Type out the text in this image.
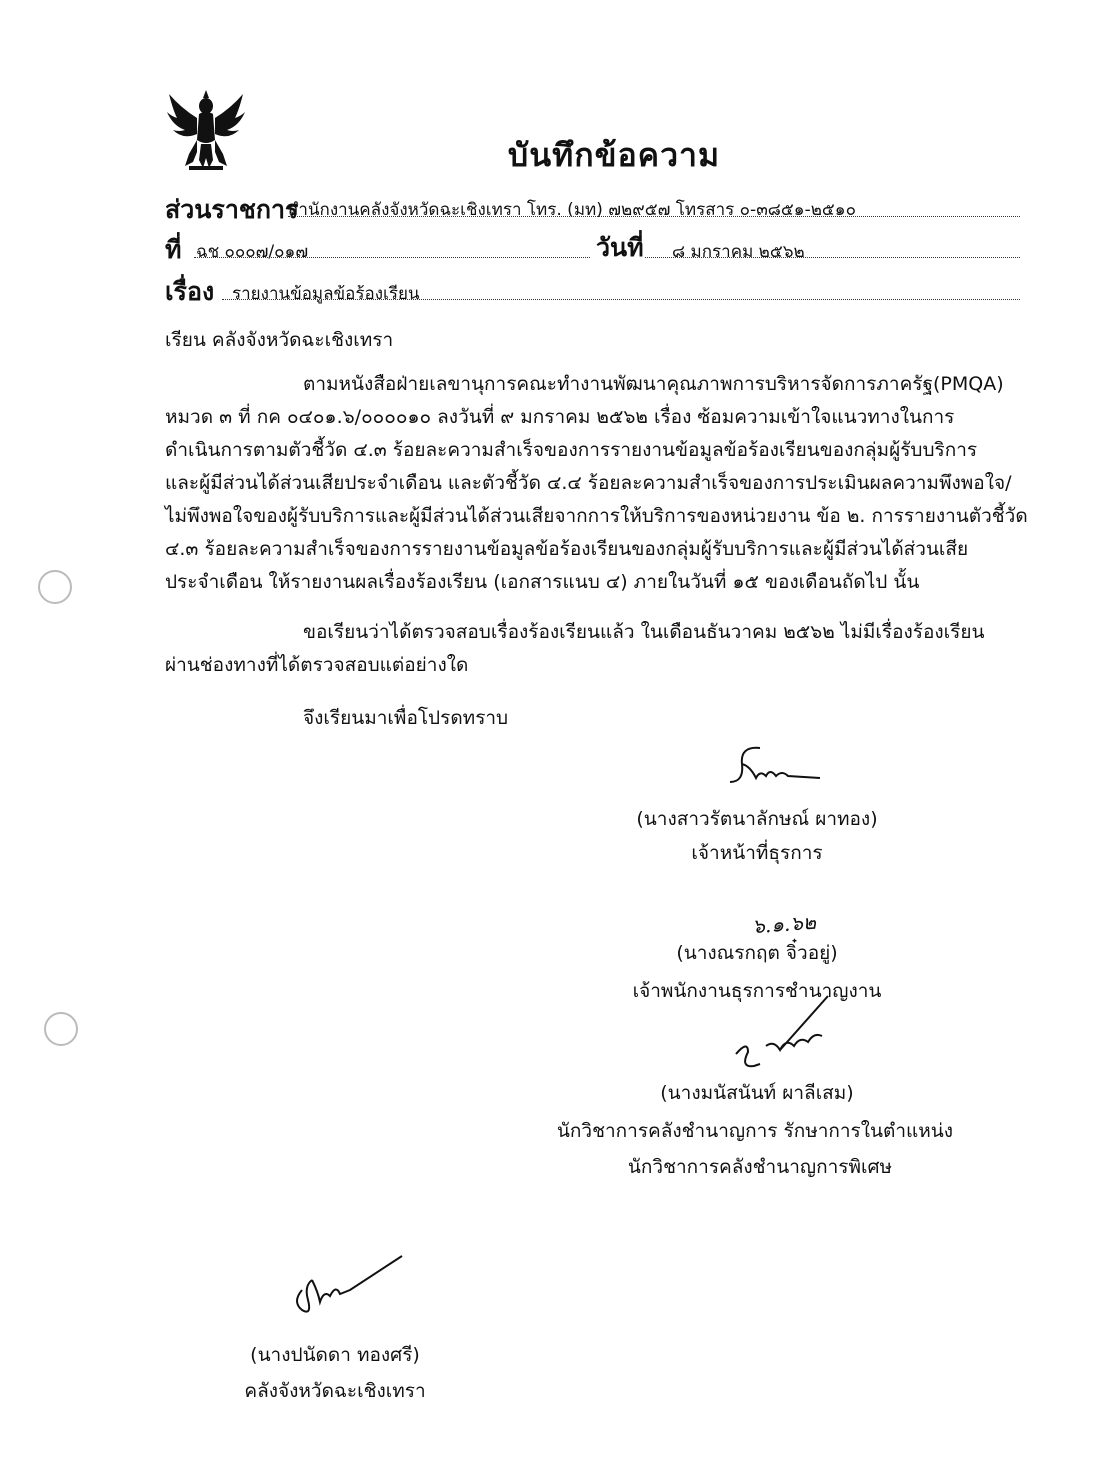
บันทึกข้อความ
ส่วนราชการ
สำนักงานคลังจังหวัดฉะเชิงเทรา โทร. (มท) ๗๒๙๕๗ โทรสาร ๐-๓๘๕๑-๒๕๑๐
ที่ ฉช ๐๐๐๗/๐๑๗	วันที่ ๘ มกราคม ๒๕๖๒
เรื่อง รายงานข้อมูลข้อร้องเรียน
เรียน คลังจังหวัดฉะเชิงเทรา
ตามหนังสือฝ่ายเลขานุการคณะทำงานพัฒนาคุณภาพการบริหารจัดการภาครัฐ(PMQA)
หมวด ๓ ที่ กค ๐๔๐๑.๖/๐๐๐๐๑๐ ลงวันที่ ๙ มกราคม ๒๕๖๒ เรื่อง ซ้อมความเข้าใจแนวทางในการ
ดำเนินการตามตัวชี้วัด ๔.๓ ร้อยละความสำเร็จของการรายงานข้อมูลข้อร้องเรียนของกลุ่มผู้รับบริการ
และผู้มีส่วนได้ส่วนเสียประจำเดือน และตัวชี้วัด ๔.๔ ร้อยละความสำเร็จของการประเมินผลความพึงพอใจ/
ไม่พึงพอใจของผู้รับบริการและผู้มีส่วนได้ส่วนเสียจากการให้บริการของหน่วยงาน ข้อ ๒. การรายงานตัวชี้วัด
๔.๓ ร้อยละความสำเร็จของการรายงานข้อมูลข้อร้องเรียนของกลุ่มผู้รับบริการและผู้มีส่วนได้ส่วนเสีย
ประจำเดือน ให้รายงานผลเรื่องร้องเรียน (เอกสารแนบ ๔) ภายในวันที่ ๑๕ ของเดือนถัดไป นั้น
ขอเรียนว่าได้ตรวจสอบเรื่องร้องเรียนแล้ว ในเดือนธันวาคม ๒๕๖๒ ไม่มีเรื่องร้องเรียน
ผ่านช่องทางที่ได้ตรวจสอบแต่อย่างใด
จึงเรียนมาเพื่อโปรดทราบ
(นางสาวรัตนาลักษณ์ ผาทอง)
เจ้าหน้าที่ธุรการ
๖.๑.๖๒
(นางณรกฤต จิ๋วอยู่)
เจ้าพนักงานธุรการชำนาญงาน
(นางมนัสนันท์ ผาลีเสม)
นักวิชาการคลังชำนาญการ รักษาการในตำแหน่ง
นักวิชาการคลังชำนาญการพิเศษ
(นางปนัดดา ทองศรี)
คลังจังหวัดฉะเชิงเทรา
